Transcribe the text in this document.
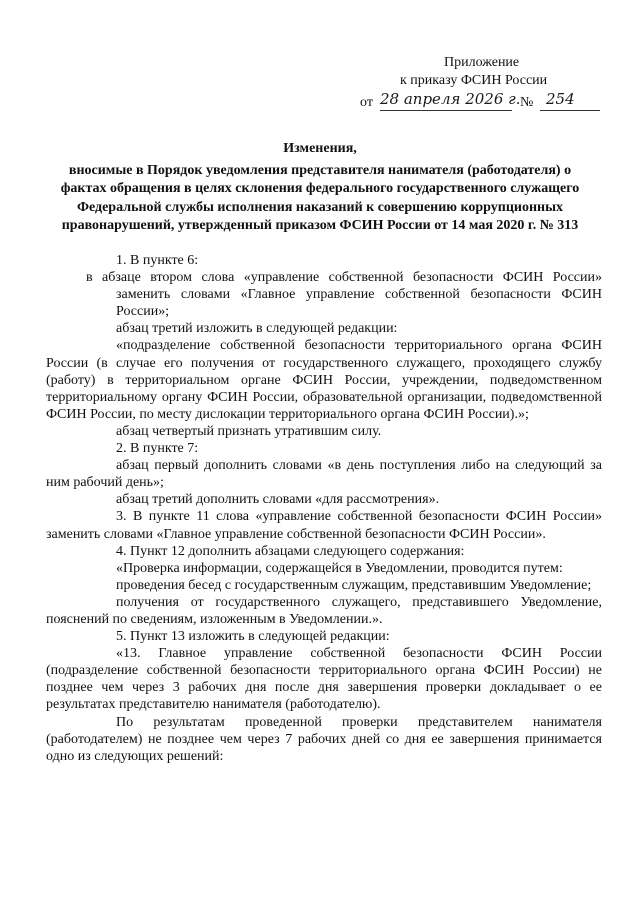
Приложение
к приказу ФСИН России
от 28 апреля 2026 г. № 254
Изменения,
вносимые в Порядок уведомления представителя нанимателя (работодателя) о фактах обращения в целях склонения федерального государственного служащего Федеральной службы исполнения наказаний к совершению коррупционных правонарушений, утвержденный приказом ФСИН России от 14 мая 2020 г. № 313

1. В пункте 6:

в абзаце втором слова «управление собственной безопасности ФСИН России» заменить словами «Главное управление собственной безопасности ФСИН России»;

абзац третий изложить в следующей редакции:

«подразделение собственной безопасности территориального органа ФСИН России (в случае его получения от государственного служащего, проходящего службу (работу) в территориальном органе ФСИН России, учреждении, подведомственном территориальному органу ФСИН России, образовательной организации, подведомственной ФСИН России, по месту дислокации территориального органа ФСИН России).»;

абзац четвертый признать утратившим силу.

2. В пункте 7:

абзац первый дополнить словами «в день поступления либо на следующий за ним рабочий день»;

абзац третий дополнить словами «для рассмотрения».

3. В пункте 11 слова «управление собственной безопасности ФСИН России» заменить словами «Главное управление собственной безопасности ФСИН России».

4. Пункт 12 дополнить абзацами следующего содержания:

«Проверка информации, содержащейся в Уведомлении, проводится путем:

проведения бесед с государственным служащим, представившим Уведомление;

получения от государственного служащего, представившего Уведомление, пояснений по сведениям, изложенным в Уведомлении.».

5. Пункт 13 изложить в следующей редакции:

«13. Главное управление собственной безопасности ФСИН России (подразделение собственной безопасности территориального органа ФСИН России) не позднее чем через 3 рабочих дня после дня завершения проверки докладывает о ее результатах представителю нанимателя (работодателю).

По результатам проведенной проверки представителем нанимателя (работодателем) не позднее чем через 7 рабочих дней со дня ее завершения принимается одно из следующих решений:
